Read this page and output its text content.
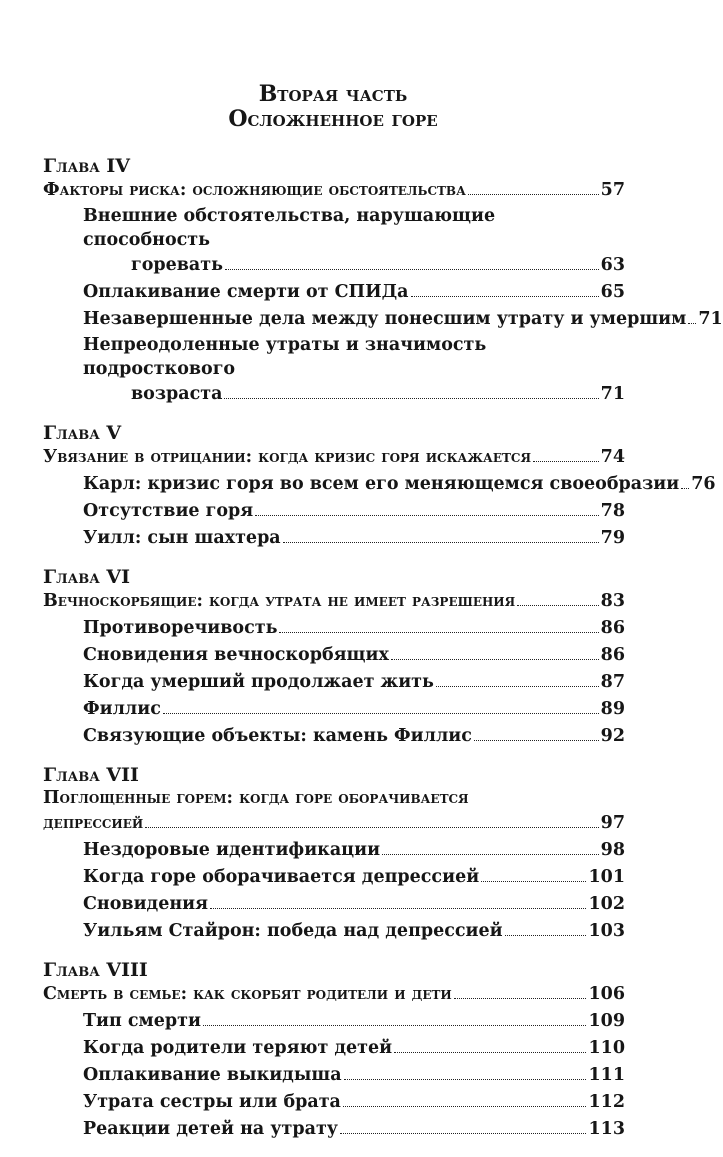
Вторая часть
Осложненное горе
Глава IV
Факторы риска: осложняющие обстоятельства	57
Внешние обстоятельства, нарушающие способность
горевать	63
Оплакивание смерти от СПИДа	65
Незавершенные дела между понесшим утрату и умершим 71
Непреодоленные утраты и значимость подросткового
возраста	71
Глава V
Увязание в отрицании: когда кризис горя искажается	74
Карл: кризис горя во всем его меняющемся своеобразии 76
Отсутствие горя	78
Уилл: сын шахтера	79
Глава VI
Вечноскорбящие: когда утрата не имеет разрешения	83
Противоречивость	86
Сновидения вечноскорбящих	86
Когда умерший продолжает жить	87
Филлис	89
Связующие объекты: камень Филлис	92
Глава VII
Поглощенные горем: когда горе оборачивается
депрессией	97
Нездоровые идентификации	98
Когда горе оборачивается депрессией	101
Сновидения	102
Уильям Стайрон: победа над депрессией	103
Глава VIII
Смерть в семье: как скорбят родители и дети	106
Тип смерти	109
Когда родители теряют детей	110
Оплакивание выкидыша	111
Утрата сестры или брата	112
Реакции детей на утрату	113
